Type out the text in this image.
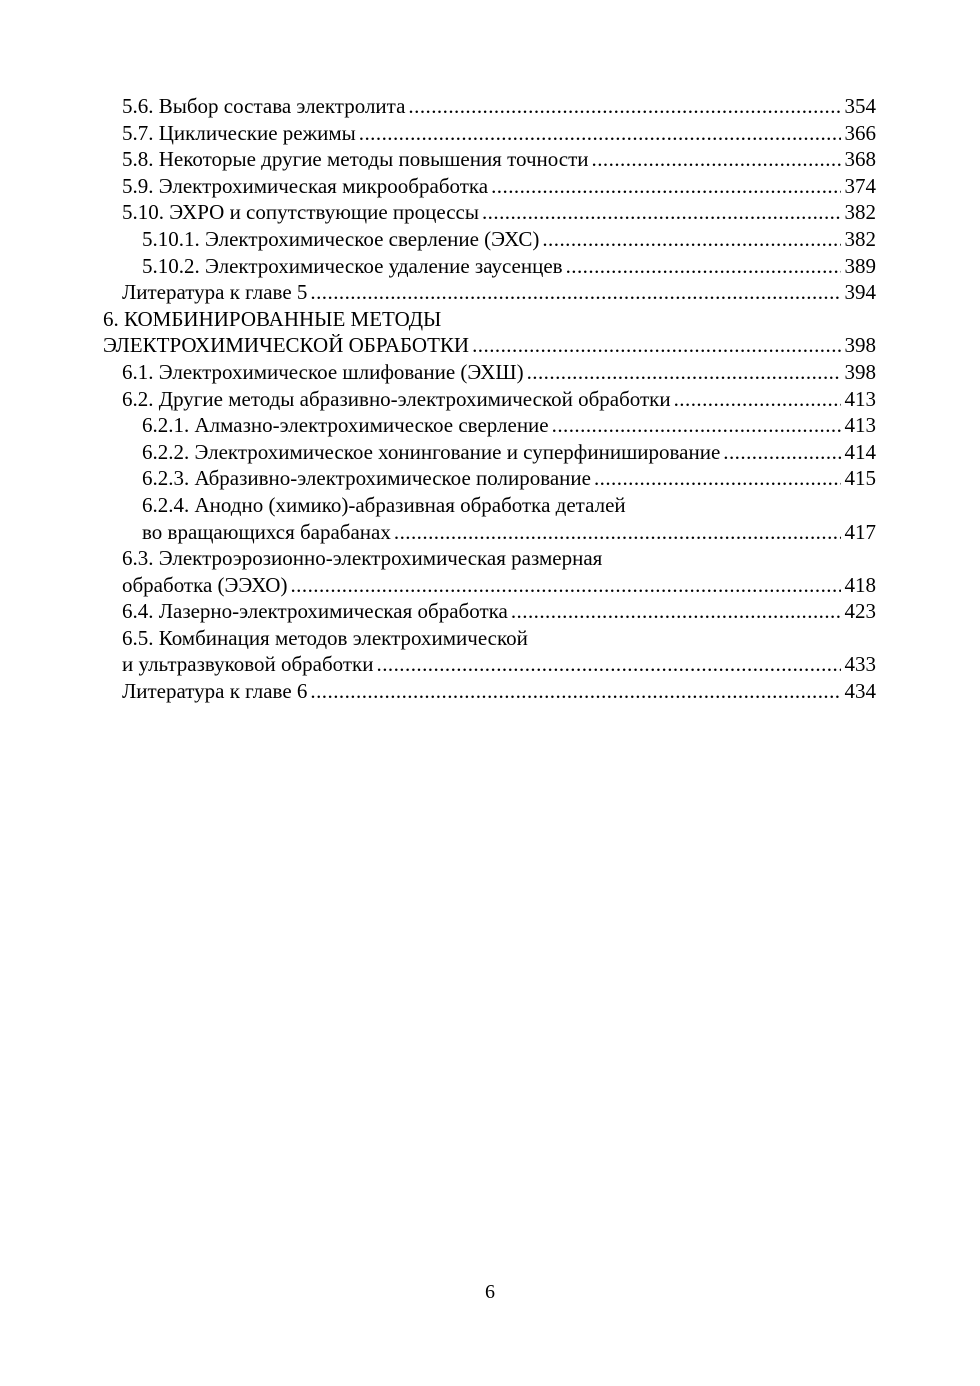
5.6. Выбор состава электролита . . .	354
5.7. Циклические режимы . . .	366
5.8. Некоторые другие методы повышения точности . . .	368
5.9. Электрохимическая микрообработка . . .	374
5.10. ЭХРО и сопутствующие процессы . . .	382
5.10.1. Электрохимическое сверление (ЭХС) . . .	382
5.10.2. Электрохимическое удаление заусенцев . . .	389
Литература к главе 5 . . .	394
6. КОМБИНИРОВАННЫЕ МЕТОДЫ
ЭЛЕКТРОХИМИЧЕСКОЙ ОБРАБОТКИ . . .	398
6.1. Электрохимическое шлифование (ЭХШ) . . .	398
6.2. Другие методы абразивно-электрохимической обработки . . .	413
6.2.1. Алмазно-электрохимическое сверление . . .	413
6.2.2. Электрохимическое хонингование и суперфиниширование . . .	414
6.2.3. Абразивно-электрохимическое полирование . . .	415
6.2.4. Анодно (химико)-абразивная обработка деталей
во вращающихся барабанах . . .	417
6.3. Электроэрозионно-электрохимическая размерная
обработка (ЭЭХО) . . .	418
6.4. Лазерно-электрохимическая обработка . . .	423
6.5. Комбинация методов электрохимической
и ультразвуковой обработки . . .	433
Литература к главе 6 . . .	434
6
